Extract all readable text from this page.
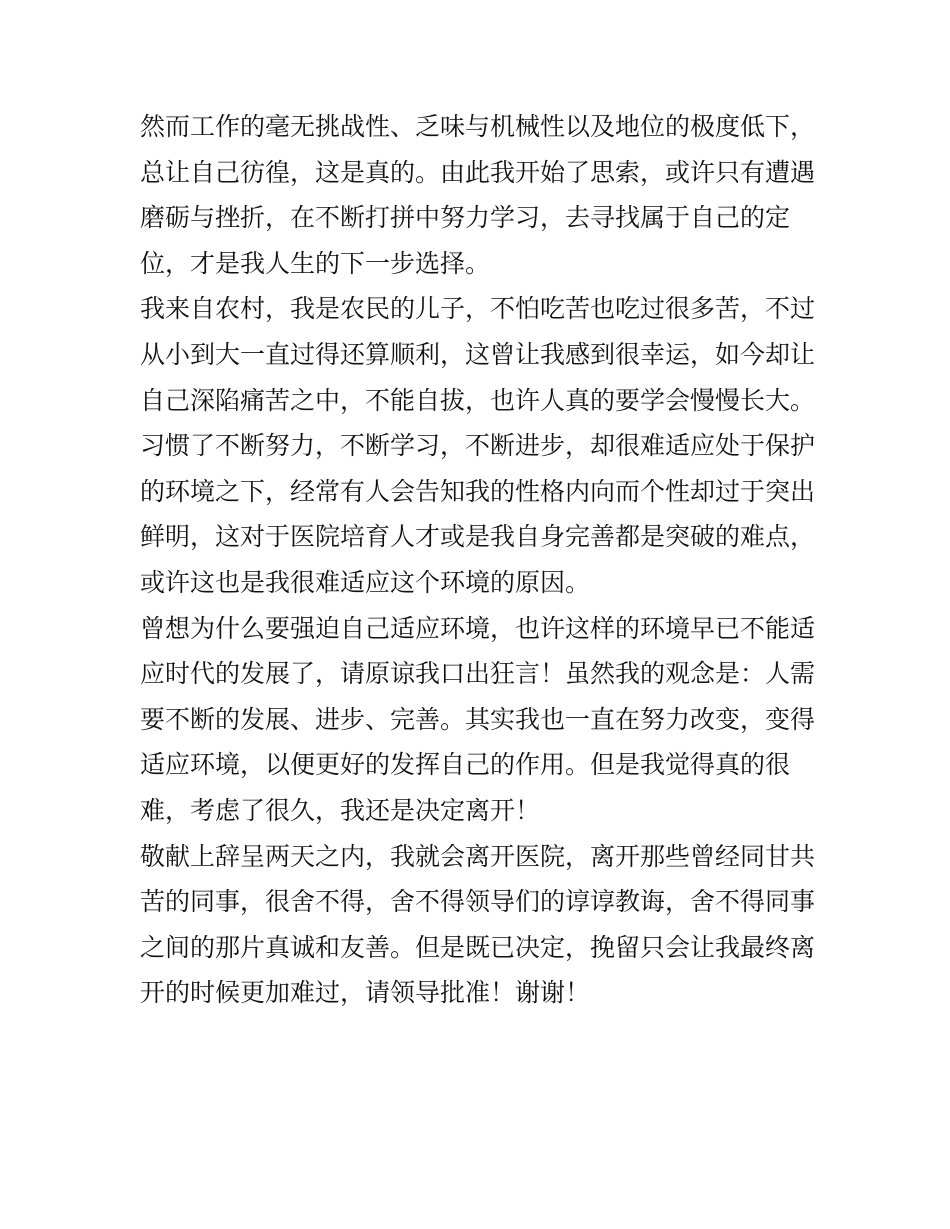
然而工作的毫无挑战性、乏味与机械性以及地位的极度低下，
总让自己彷徨，这是真的。由此我开始了思索，或许只有遭遇
磨砺与挫折，在不断打拼中努力学习，去寻找属于自己的定
位，才是我人生的下一步选择。
我来自农村，我是农民的儿子，不怕吃苦也吃过很多苦，不过
从小到大一直过得还算顺利，这曾让我感到很幸运，如今却让
自己深陷痛苦之中，不能自拔，也许人真的要学会慢慢长大。
习惯了不断努力，不断学习，不断进步，却很难适应处于保护
的环境之下，经常有人会告知我的性格内向而个性却过于突出
鲜明，这对于医院培育人才或是我自身完善都是突破的难点，
或许这也是我很难适应这个环境的原因。
曾想为什么要强迫自己适应环境，也许这样的环境早已不能适
应时代的发展了，请原谅我口出狂言！虽然我的观念是：人需
要不断的发展、进步、完善。其实我也一直在努力改变，变得
适应环境，以便更好的发挥自己的作用。但是我觉得真的很
难，考虑了很久，我还是决定离开！
敬献上辞呈两天之内，我就会离开医院，离开那些曾经同甘共
苦的同事，很舍不得，舍不得领导们的谆谆教诲，舍不得同事
之间的那片真诚和友善。但是既已决定，挽留只会让我最终离
开的时候更加难过，请领导批准！谢谢！
